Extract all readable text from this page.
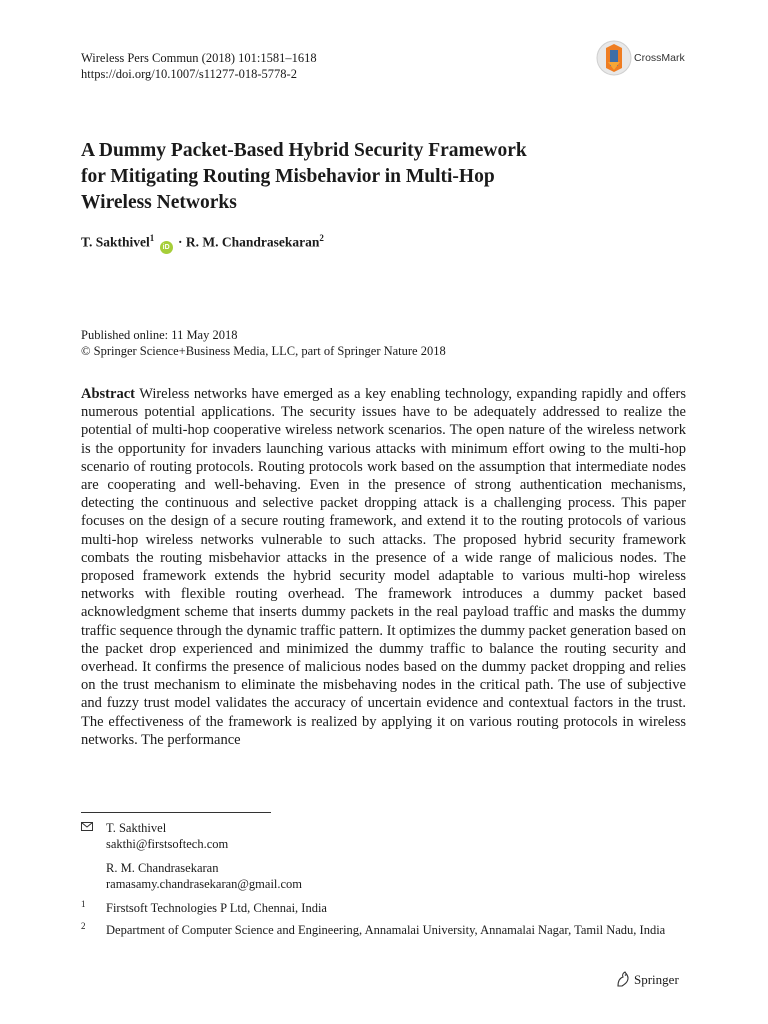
Wireless Pers Commun (2018) 101:1581–1618
https://doi.org/10.1007/s11277-018-5778-2
CrossMark
A Dummy Packet-Based Hybrid Security Framework
for Mitigating Routing Misbehavior in Multi-Hop
Wireless Networks
T. Sakthivel$^1$ iD · R. M. Chandrasekaran$^2$
Published online: 11 May 2018
© Springer Science+Business Media, LLC, part of Springer Nature 2018

Abstract Wireless networks have emerged as a key enabling technology, expanding rapidly and offers numerous potential applications. The security issues have to be adequately addressed to realize the potential of multi-hop cooperative wireless network scenarios. The open nature of the wireless network is the opportunity for invaders launching various attacks with minimum effort owing to the multi-hop scenario of routing protocols. Routing protocols work based on the assumption that intermediate nodes are cooperating and well-behaving. Even in the presence of strong authentication mechanisms, detecting the continuous and selective packet dropping attack is a challenging process. This paper focuses on the design of a secure routing framework, and extend it to the routing protocols of various multi-hop wireless networks vulnerable to such attacks. The proposed hybrid security framework combats the routing misbehavior attacks in the presence of a wide range of malicious nodes. The proposed framework extends the hybrid security model adaptable to various multi-hop wireless networks with flexible routing overhead. The framework introduces a dummy packet based acknowledgment scheme that inserts dummy packets in the real payload traffic and masks the dummy traffic sequence through the dynamic traffic pattern. It optimizes the dummy packet generation based on the packet drop experienced and minimized the dummy traffic to balance the routing security and overhead. It confirms the presence of malicious nodes based on the dummy packet dropping and relies on the trust mechanism to eliminate the misbehaving nodes in the critical path. The use of subjective and fuzzy trust model validates the accuracy of uncertain evidence and contextual factors in the trust. The effectiveness of the framework is realized by applying it on various routing protocols in wireless networks. The performance

T. Sakthivel
sakthi@firstsoftech.com
R. M. Chandrasekaran
ramasamy.chandrasekaran@gmail.com
1 Firstsoft Technologies P Ltd, Chennai, India
2 Department of Computer Science and Engineering, Annamalai University, Annamalai Nagar, Tamil Nadu, India
Springer
